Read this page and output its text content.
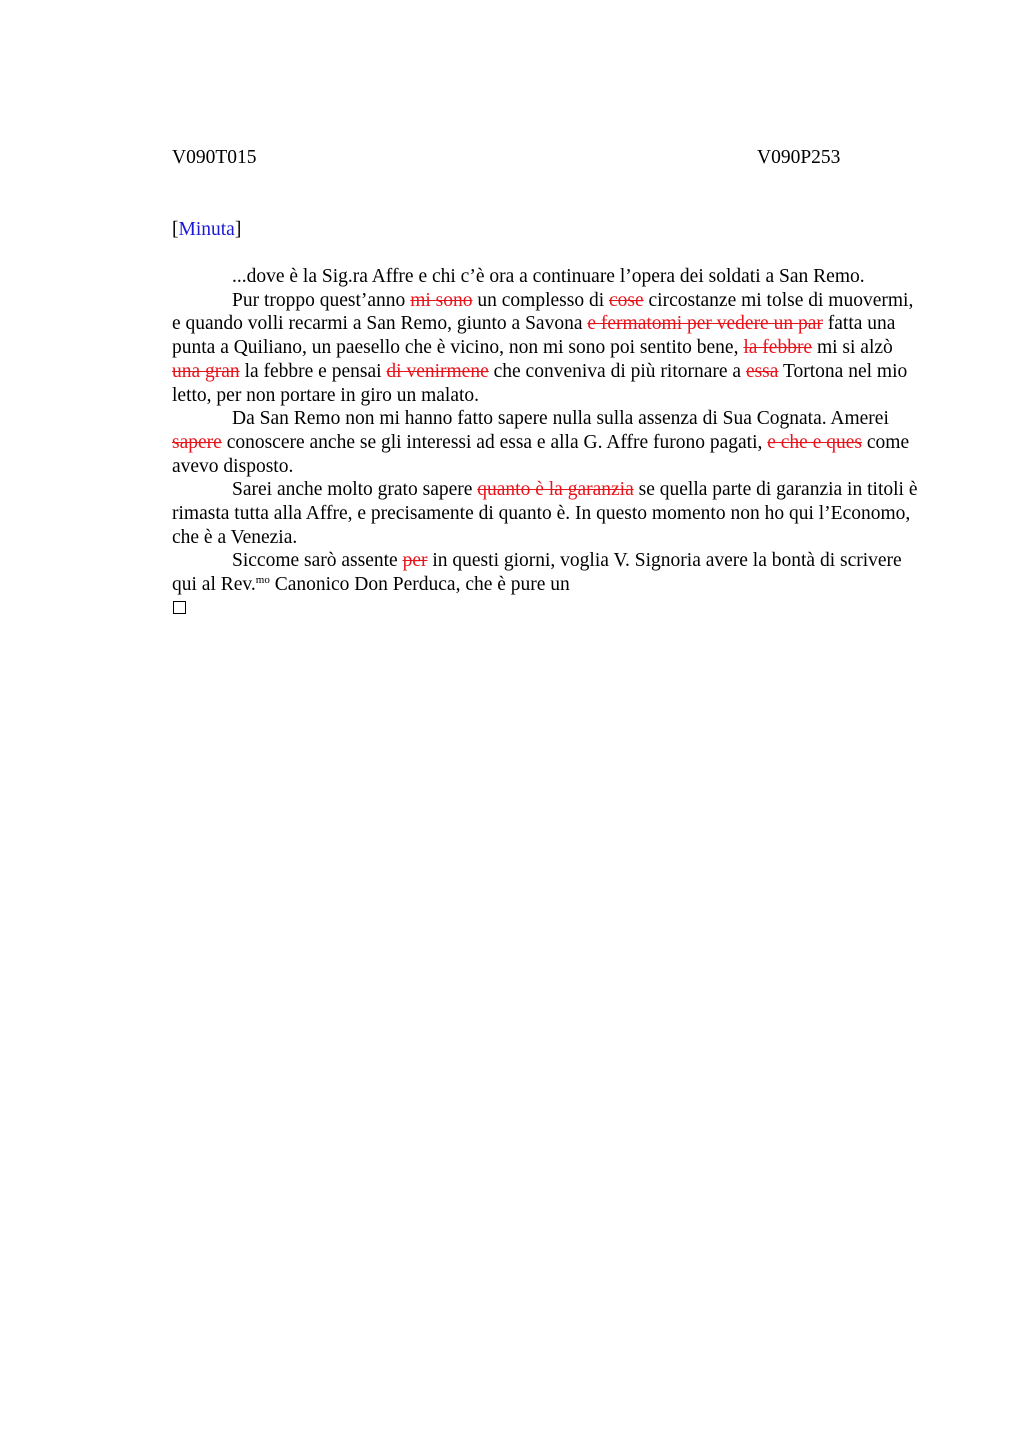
V090T015	V090P253
[Minuta]

...dove è la Sig.ra Affre e chi c’è ora a continuare l’opera dei soldati a San Remo.

Pur troppo quest’anno mi sono un complesso di cose circostanze mi tolse di muovermi, e quando volli recarmi a San Remo, giunto a Savona e fermatomi per vedere un par fatta una punta a Quiliano, un paesello che è vicino, non mi sono poi sentito bene, la febbre mi si alzò una gran la febbre e pensai di venirmene che conveniva di più ritornare a essa Tortona nel mio letto, per non portare in giro un malato.

Da San Remo non mi hanno fatto sapere nulla sulla assenza di Sua Cognata. Amerei sapere conoscere anche se gli interessi ad essa e alla G. Affre furono pagati, e che e ques come avevo disposto.

Sarei anche molto grato sapere quanto è la garanzia se quella parte di garanzia in titoli è rimasta tutta alla Affre, e precisamente di quanto è. In questo momento non ho qui l’Economo, che è a Venezia.

Siccome sarò assente per in questi giorni, voglia V. Signoria avere la bontà di scrivere qui al Rev.$^{mo}$ Canonico Don Perduca, che è pure un
